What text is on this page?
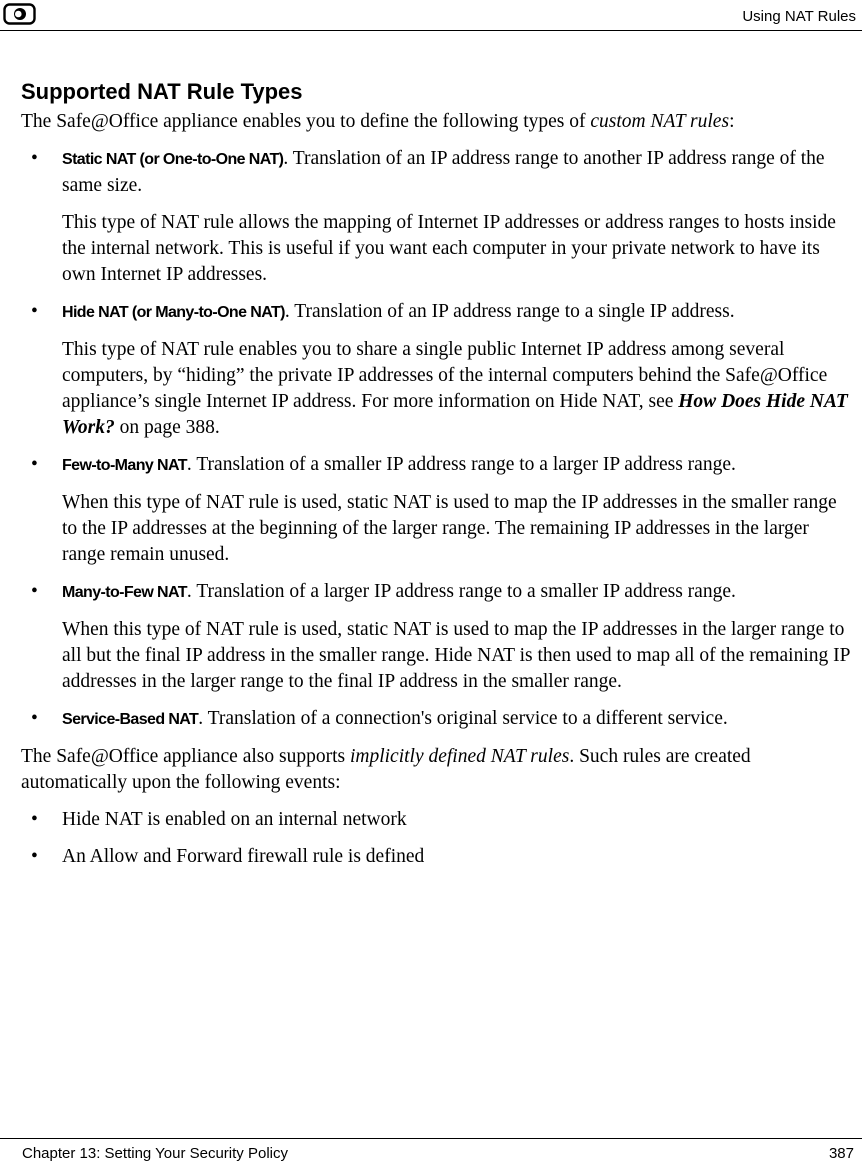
Using NAT Rules
Supported NAT Rule Types

The Safe@Office appliance enables you to define the following types of custom NAT rules:

• Static NAT (or One-to-One NAT). Translation of an IP address range to another IP address range of the same size.

This type of NAT rule allows the mapping of Internet IP addresses or address ranges to hosts inside the internal network. This is useful if you want each computer in your private network to have its own Internet IP addresses.

• Hide NAT (or Many-to-One NAT). Translation of an IP address range to a single IP address.

This type of NAT rule enables you to share a single public Internet IP address among several computers, by “hiding” the private IP addresses of the internal computers behind the Safe@Office appliance’s single Internet IP address. For more information on Hide NAT, see How Does Hide NAT Work? on page 388.

• Few-to-Many NAT. Translation of a smaller IP address range to a larger IP address range.

When this type of NAT rule is used, static NAT is used to map the IP addresses in the smaller range to the IP addresses at the beginning of the larger range. The remaining IP addresses in the larger range remain unused.

• Many-to-Few NAT. Translation of a larger IP address range to a smaller IP address range.

When this type of NAT rule is used, static NAT is used to map the IP addresses in the larger range to all but the final IP address in the smaller range. Hide NAT is then used to map all of the remaining IP addresses in the larger range to the final IP address in the smaller range.

• Service-Based NAT. Translation of a connection's original service to a different service.

The Safe@Office appliance also supports implicitly defined NAT rules. Such rules are created automatically upon the following events:

• Hide NAT is enabled on an internal network

• An Allow and Forward firewall rule is defined

Chapter 13: Setting Your Security Policy	387
